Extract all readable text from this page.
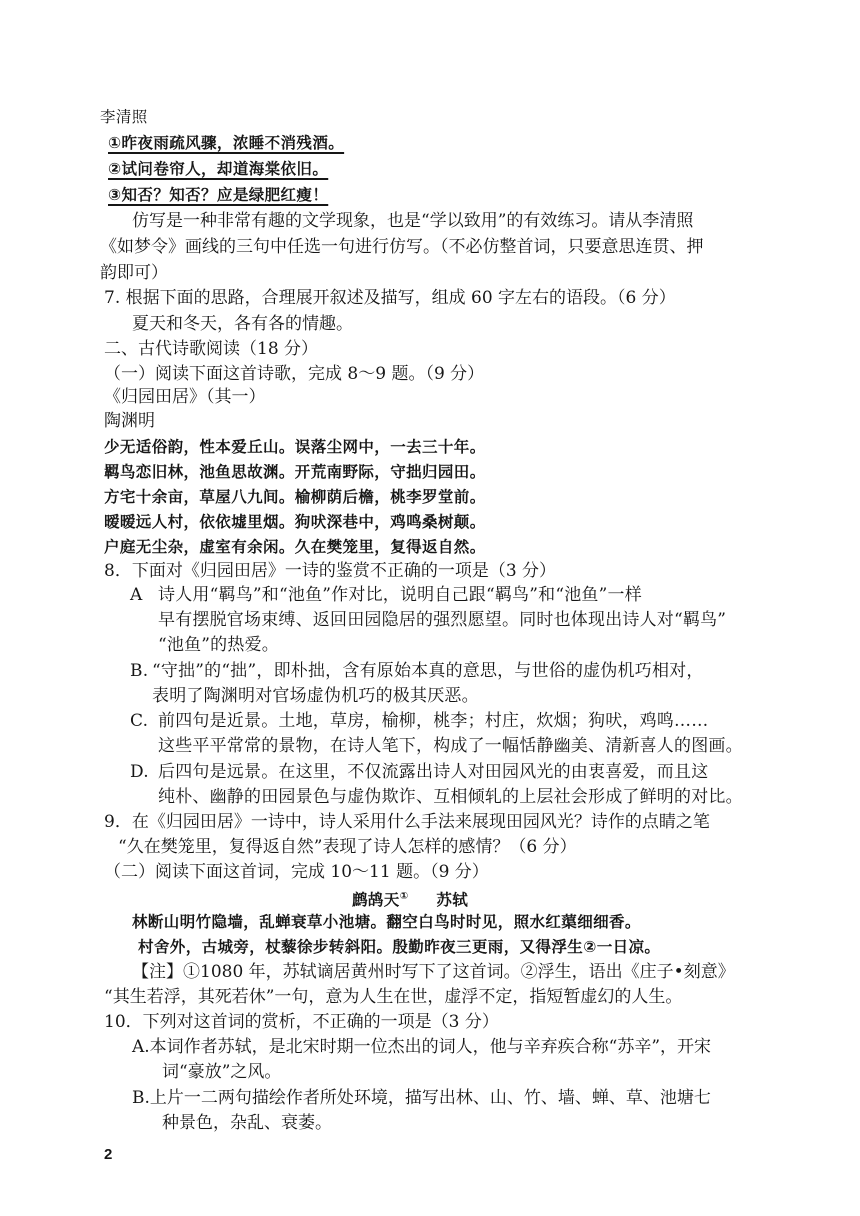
李清照
①昨夜雨疏风骤，浓睡不消残酒。
②试问卷帘人，却道海棠依旧。
③知否？知否？应是绿肥红瘦！
仿写是一种非常有趣的文学现象，也是“学以致用”的有效练习。请从李清照
《如梦令》画线的三句中任选一句进行仿写。（不必仿整首词，只要意思连贯、押
韵即可）
7. 根据下面的思路，合理展开叙述及描写，组成 60 字左右的语段。（6 分）
夏天和冬天，各有各的情趣。
二、古代诗歌阅读（18 分）
（一）阅读下面这首诗歌，完成 8～9 题。（9 分）
《归园田居》（其一）
陶渊明
少无适俗韵，性本爱丘山。误落尘网中，一去三十年。
羁鸟恋旧林，池鱼思故渊。开荒南野际，守拙归园田。
方宅十余亩，草屋八九间。榆柳荫后檐，桃李罗堂前。
暧暧远人村，依依墟里烟。狗吠深巷中，鸡鸣桑树颠。
户庭无尘杂，虚室有余闲。久在樊笼里，复得返自然。
8．下面对《归园田居》一诗的鉴赏不正确的一项是（3 分）
A 诗人用“羁鸟”和“池鱼”作对比，说明自己跟“羁鸟”和“池鱼”一样
早有摆脱官场束缚、返回田园隐居的强烈愿望。同时也体现出诗人对“羁鸟”
“池鱼”的热爱。
B. “守拙”的“拙”，即朴拙，含有原始本真的意思，与世俗的虚伪机巧相对，
表明了陶渊明对官场虚伪机巧的极其厌恶。
C. 前四句是近景。土地，草房，榆柳，桃李；村庄，炊烟；狗吠，鸡鸣……
这些平平常常的景物，在诗人笔下，构成了一幅恬静幽美、清新喜人的图画。
D. 后四句是远景。在这里，不仅流露出诗人对田园风光的由衷喜爱，而且这
纯朴、幽静的田园景色与虚伪欺诈、互相倾轧的上层社会形成了鲜明的对比。
9．在《归园田居》一诗中，诗人采用什么手法来展现田园风光？诗作的点睛之笔
“久在樊笼里，复得返自然”表现了诗人怎样的感情？（6 分）
（二）阅读下面这首词，完成 10～11 题。（9 分）
鹧鸪天① 苏轼
林断山明竹隐墙，乱蝉衰草小池塘。翻空白鸟时时见，照水红蕖细细香。
村舍外，古城旁，杖藜徐步转斜阳。殷勤昨夜三更雨，又得浮生②一日凉。
【注】①1080 年，苏轼谪居黄州时写下了这首词。②浮生，语出《庄子•刻意》
“其生若浮，其死若休”一句，意为人生在世，虚浮不定，指短暂虚幻的人生。
10．下列对这首词的赏析，不正确的一项是（3 分）
A.本词作者苏轼，是北宋时期一位杰出的词人，他与辛弃疾合称“苏辛”，开宋
词“豪放”之风。
B.上片一二两句描绘作者所处环境，描写出林、山、竹、墙、蝉、草、池塘七
种景色，杂乱、衰萎。
2
